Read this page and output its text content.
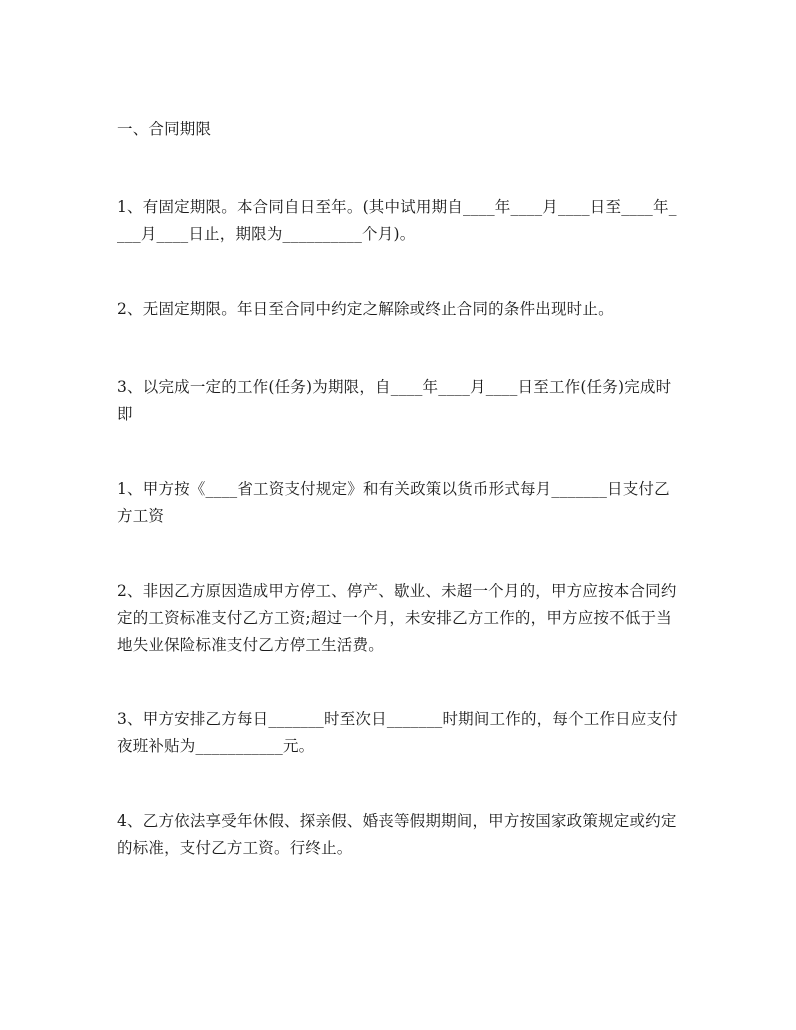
一、合同期限

1、有固定期限。本合同自日至年。(其中试用期自____年____月____日至____年____月____日止，期限为__________个月)。

2、无固定期限。年日至合同中约定之解除或终止合同的条件出现时止。

3、以完成一定的工作(任务)为期限，自____年____月____日至工作(任务)完成时即

1、甲方按《____省工资支付规定》和有关政策以货币形式每月_______日支付乙方工资

2、非因乙方原因造成甲方停工、停产、歇业、未超一个月的，甲方应按本合同约定的工资标准支付乙方工资;超过一个月，未安排乙方工作的，甲方应按不低于当地失业保险标准支付乙方停工生活费。

3、甲方安排乙方每日_______时至次日_______时期间工作的，每个工作日应支付夜班补贴为___________元。

4、乙方依法享受年休假、探亲假、婚丧等假期期间，甲方按国家政策规定或约定的标准，支付乙方工资。行终止。
